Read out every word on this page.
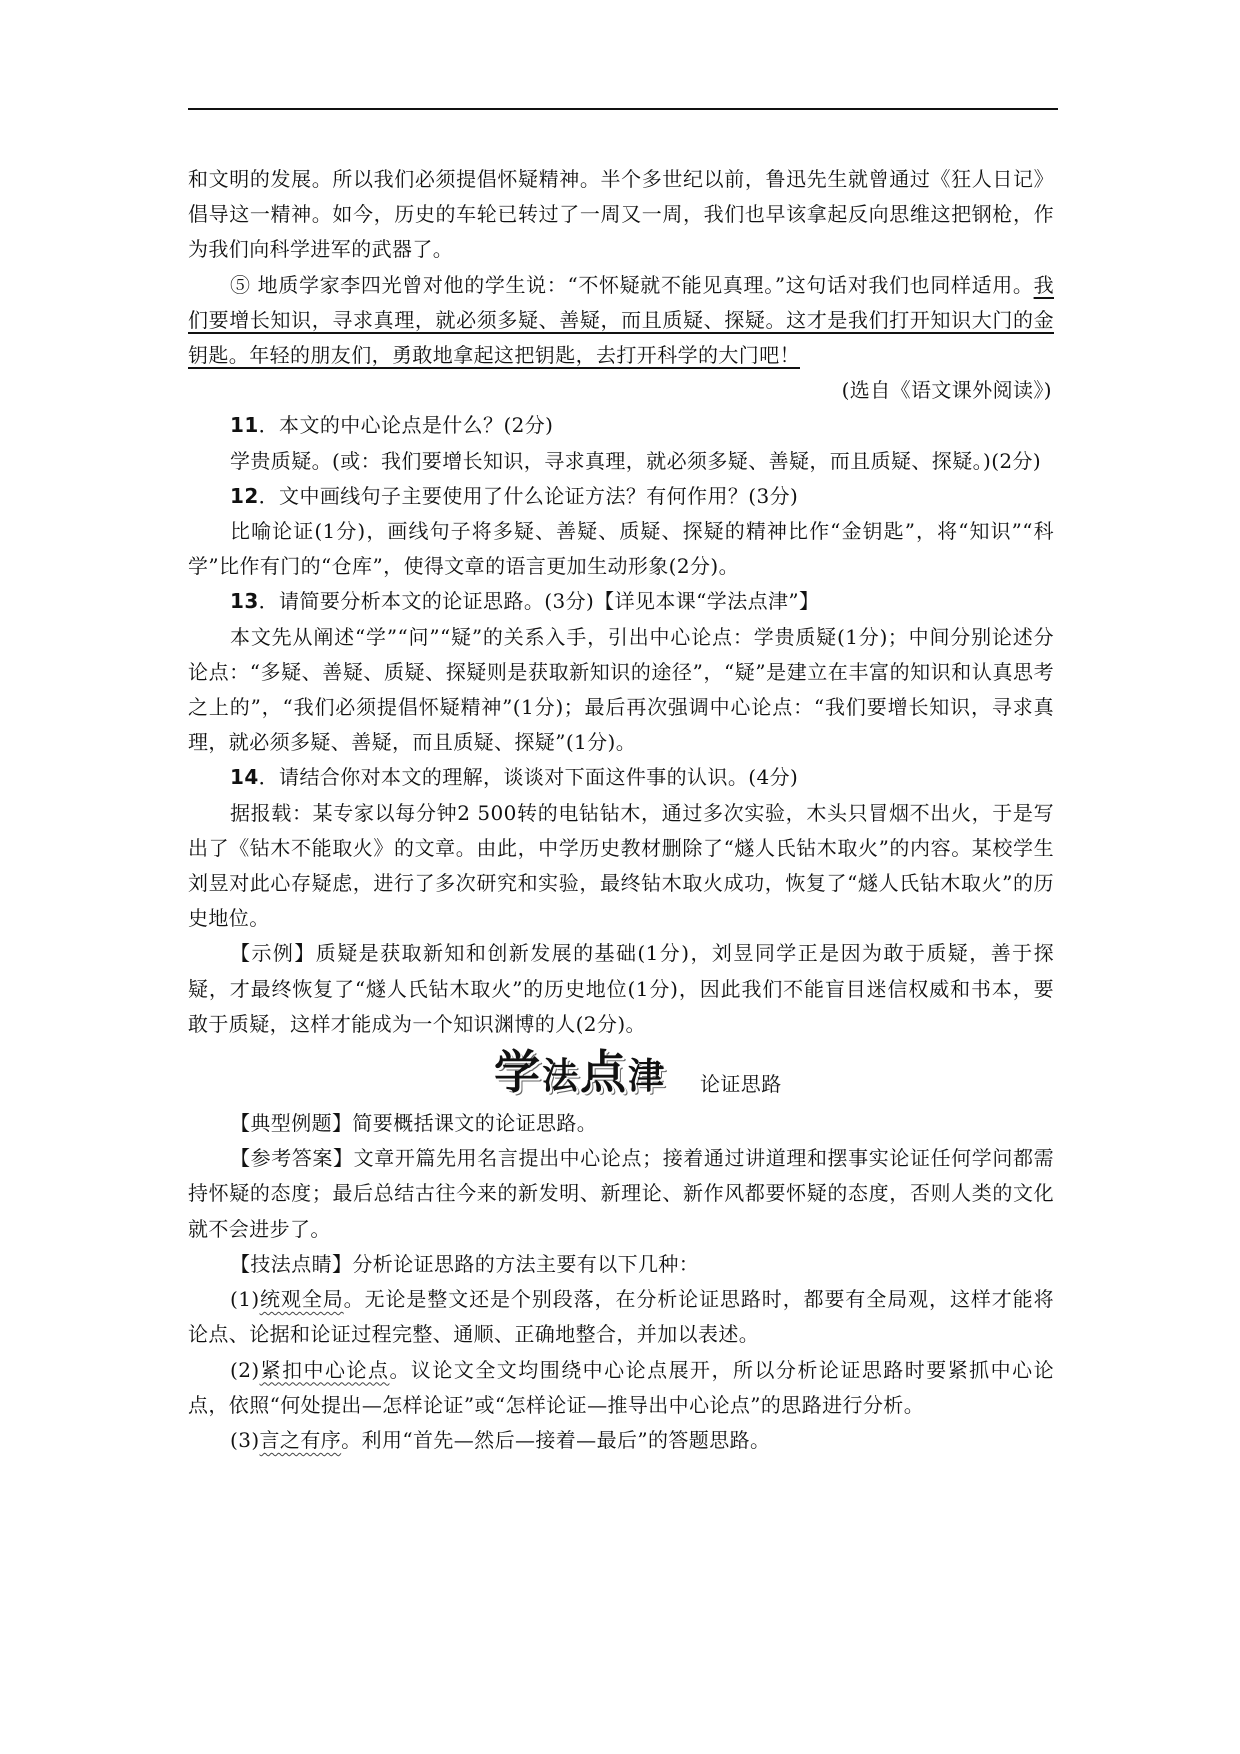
和文明的发展。所以我们必须提倡怀疑精神。半个多世纪以前，鲁迅先生就曾通过《狂人日记》倡导这一精神。如今，历史的车轮已转过了一周又一周，我们也早该拿起反向思维这把钢枪，作为我们向科学进军的武器了。

⑤ 地质学家李四光曾对他的学生说：“不怀疑就不能见真理。”这句话对我们也同样适用。我们要增长知识，寻求真理，就必须多疑、善疑，而且质疑、探疑。这才是我们打开知识大门的金钥匙。年轻的朋友们，勇敢地拿起这把钥匙，去打开科学的大门吧！

(选自《语文课外阅读》)

11．本文的中心论点是什么？(2分)

学贵质疑。(或：我们要增长知识，寻求真理，就必须多疑、善疑，而且质疑、探疑。)(2分)

12．文中画线句子主要使用了什么论证方法？有何作用？(3分)

比喻论证(1分)，画线句子将多疑、善疑、质疑、探疑的精神比作“金钥匙”，将“知识”“科学”比作有门的“仓库”，使得文章的语言更加生动形象(2分)。

13．请简要分析本文的论证思路。(3分)【详见本课“学法点津”】

本文先从阐述“学”“问”“疑”的关系入手，引出中心论点：学贵质疑(1分)；中间分别论述分论点：“多疑、善疑、质疑、探疑则是获取新知识的途径”，“疑”是建立在丰富的知识和认真思考之上的”，“我们必须提倡怀疑精神”(1分)；最后再次强调中心论点：“我们要增长知识，寻求真理，就必须多疑、善疑，而且质疑、探疑”(1分)。

14．请结合你对本文的理解，谈谈对下面这件事的认识。(4分)

据报载：某专家以每分钟2 500转的电钻钻木，通过多次实验，木头只冒烟不出火，于是写出了《钻木不能取火》的文章。由此，中学历史教材删除了“燧人氏钻木取火”的内容。某校学生刘昱对此心存疑虑，进行了多次研究和实验，最终钻木取火成功，恢复了“燧人氏钻木取火”的历史地位。

【示例】质疑是获取新知和创新发展的基础(1分)，刘昱同学正是因为敢于质疑，善于探疑，才最终恢复了“燧人氏钻木取火”的历史地位(1分)，因此我们不能盲目迷信权威和书本，要敢于质疑，这样才能成为一个知识渊博的人(2分)。

学法点津 论证思路

【典型例题】简要概括课文的论证思路。

【参考答案】文章开篇先用名言提出中心论点；接着通过讲道理和摆事实论证任何学问都需持怀疑的态度；最后总结古往今来的新发明、新理论、新作风都要怀疑的态度，否则人类的文化就不会进步了。

【技法点睛】分析论证思路的方法主要有以下几种：

(1)统观全局。无论是整文还是个别段落，在分析论证思路时，都要有全局观，这样才能将论点、论据和论证过程完整、通顺、正确地整合，并加以表述。

(2)紧扣中心论点。议论文全文均围绕中心论点展开，所以分析论证思路时要紧抓中心论点，依照“何处提出—怎样论证”或“怎样论证—推导出中心论点”的思路进行分析。

(3)言之有序。利用“首先—然后—接着—最后”的答题思路。
